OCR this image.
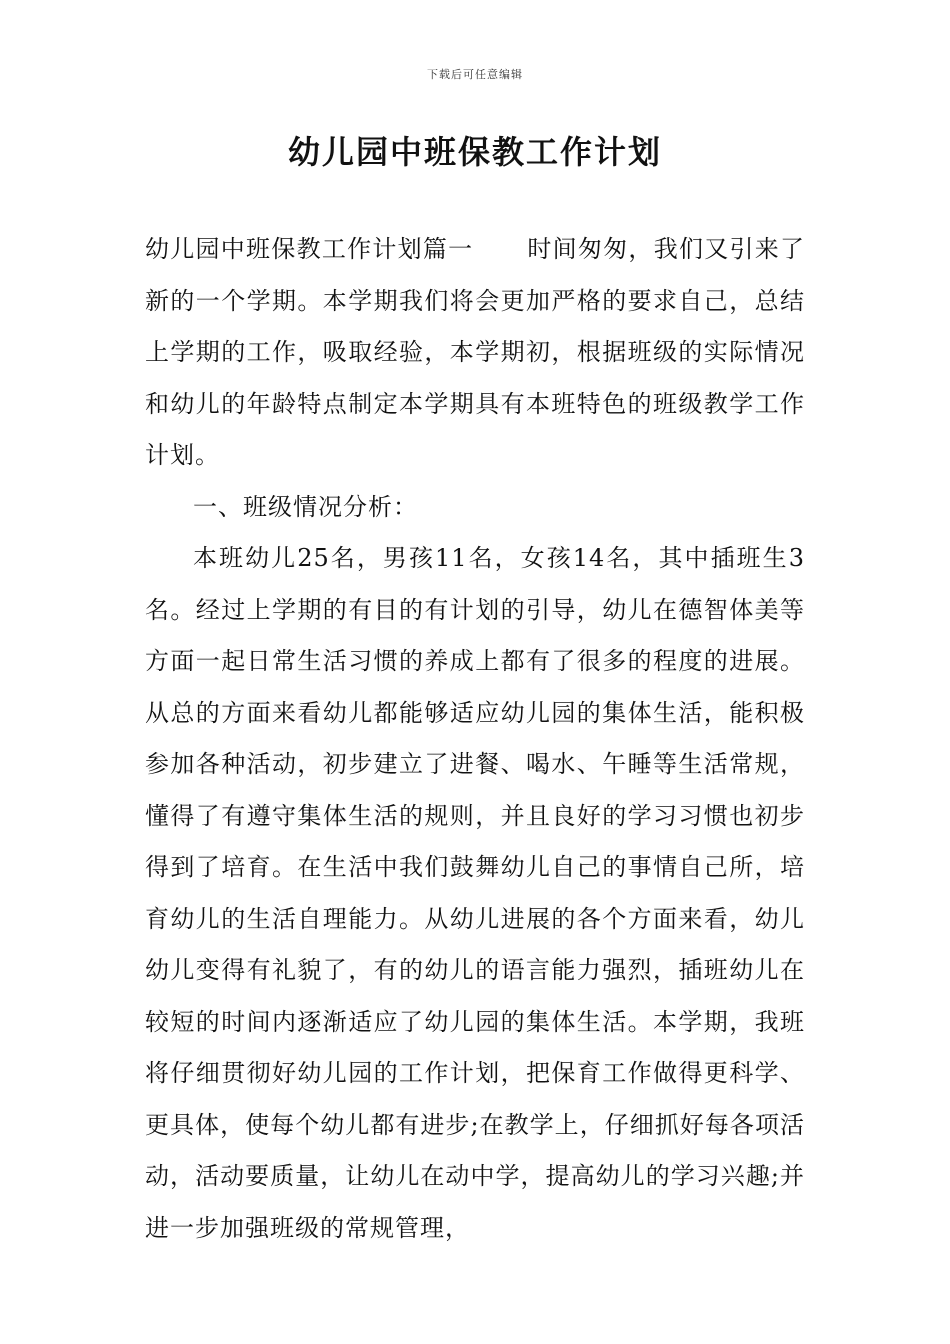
下载后可任意编辑
幼儿园中班保教工作计划

幼儿园中班保教工作计划篇一 时间匆匆，我们又引来了新的一个学期。本学期我们将会更加严格的要求自己，总结上学期的工作，吸取经验，本学期初，根据班级的实际情况和幼儿的年龄特点制定本学期具有本班特色的班级教学工作计划。

一、班级情况分析：

本班幼儿25名，男孩11名，女孩14名，其中插班生3名。经过上学期的有目的有计划的引导，幼儿在德智体美等方面一起日常生活习惯的养成上都有了很多的程度的进展。从总的方面来看幼儿都能够适应幼儿园的集体生活，能积极参加各种活动，初步建立了进餐、喝水、午睡等生活常规，懂得了有遵守集体生活的规则，并且良好的学习习惯也初步得到了培育。在生活中我们鼓舞幼儿自己的事情自己所，培育幼儿的生活自理能力。从幼儿进展的各个方面来看，幼儿幼儿变得有礼貌了，有的幼儿的语言能力强烈，插班幼儿在较短的时间内逐渐适应了幼儿园的集体生活。本学期，我班将仔细贯彻好幼儿园的工作计划，把保育工作做得更科学、更具体，使每个幼儿都有进步;在教学上，仔细抓好每各项活动，活动要质量，让幼儿在动中学，提高幼儿的学习兴趣;并进一步加强班级的常规管理，
